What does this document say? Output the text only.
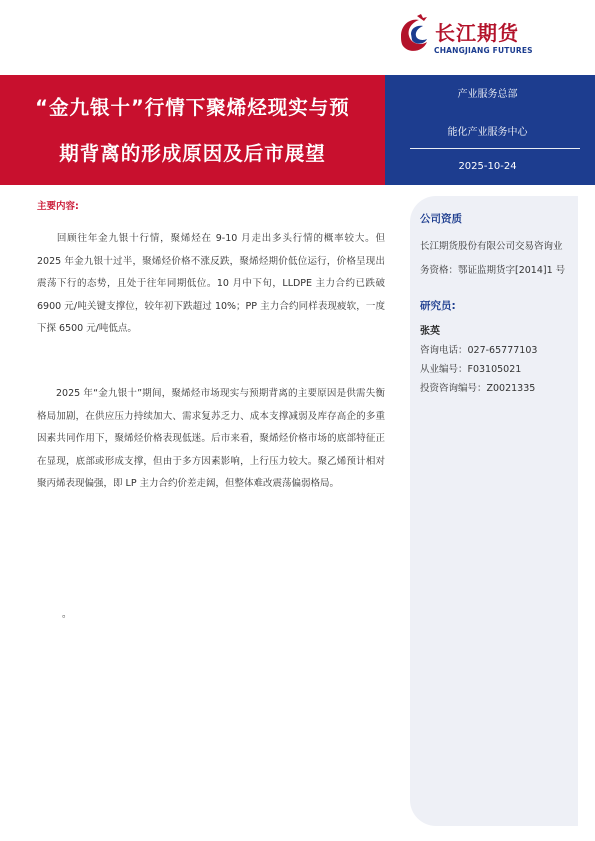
长江期货
CHANGJIANG FUTURES
“金九银十”行情下聚烯烃现实与预
期背离的形成原因及后市展望
产业服务总部
能化产业服务中心
2025-10-24
主要内容:

回顾往年金九银十行情，聚烯烃在 9-10 月走出多头行情的概率较大。但 2025 年金九银十过半，聚烯烃价格不涨反跌，聚烯烃期价低位运行，价格呈现出震荡下行的态势，且处于往年同期低位。10 月中下旬，LLDPE 主力合约已跌破 6900 元/吨关键支撑位，较年初下跌超过 10%；PP 主力合约同样表现疲软，一度下探 6500 元/吨低点。

2025 年“金九银十”期间，聚烯烃市场现实与预期背离的主要原因是供需失衡格局加剧，在供应压力持续加大、需求复苏乏力、成本支撑减弱及库存高企的多重因素共同作用下，聚烯烃价格表现低迷。后市来看，聚烯烃价格市场的底部特征正在显现，底部或形成支撑，但由于多方因素影响，上行压力较大。聚乙烯预计相对聚丙烯表现偏强，即 LP 主力合约价差走阔，但整体难改震荡偏弱格局。

。
公司资质
长江期货股份有限公司交易咨询业
务资格：鄂证监期货字[2014]1 号
研究员:
张英
咨询电话：027-65777103
从业编号：F03105021
投资咨询编号：Z0021335
